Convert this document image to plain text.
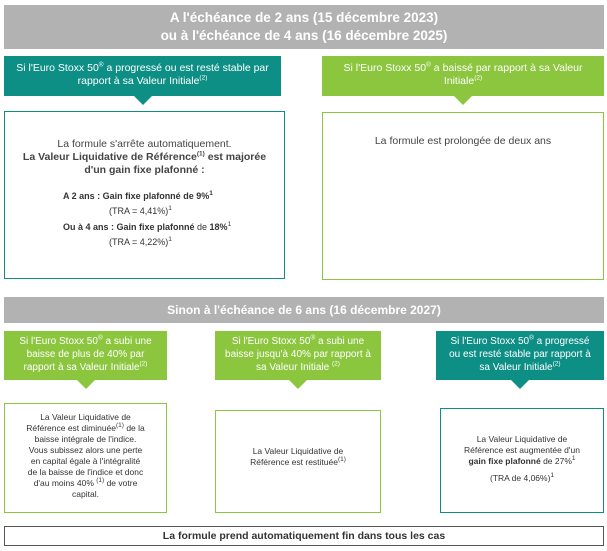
A l'échéance de 2 ans (15 décembre 2023)
ou à l'échéance de 4 ans (16 décembre 2025)
Si l'Euro Stoxx 50® a progressé ou est resté stable par
rapport à sa Valeur Initiale$^{(2)}$
Si l'Euro Stoxx 50® a baissé par rapport à sa Valeur
Initiale$^{(2)}$
La formule s'arrête automatiquement.
La Valeur Liquidative de Référence$^{(1)}$ est majorée
d'un gain fixe plafonné :
A 2 ans : Gain fixe plafonné de 9%$^1$
(TRA = 4,41%)$^1$
Ou à 4 ans : Gain fixe plafonné de 18%$^1$
(TRA = 4,22%)$^1$
La formule est prolongée de deux ans
Sinon à l'échéance de 6 ans (16 décembre 2027)
Si l'Euro Stoxx 50® a subi une
baisse de plus de 40% par
rapport à sa Valeur Initiale$^{(2)}$
Si l'Euro Stoxx 50® a subi une
baisse jusqu'à 40% par rapport à
sa Valeur Initiale $^{(2)}$
Si l'Euro Stoxx 50® a progressé
ou est resté stable par rapport à
sa Valeur Initiale$^{(2)}$
La Valeur Liquidative de
Référence est diminuée$^{(1)}$ de la
baisse intégrale de l'indice.
Vous subissez alors une perte
en capital égale à l'intégralité
de la baisse de l'indice et donc
d'au moins 40% $^{(1)}$ de votre
capital.
La Valeur Liquidative de
Référence est restituée$^{(1)}$
La Valeur Liquidative de
Référence est augmentée d'un
gain fixe plafonné de 27%$^1$
(TRA de 4,06%)$^1$
La formule prend automatiquement fin dans tous les cas
